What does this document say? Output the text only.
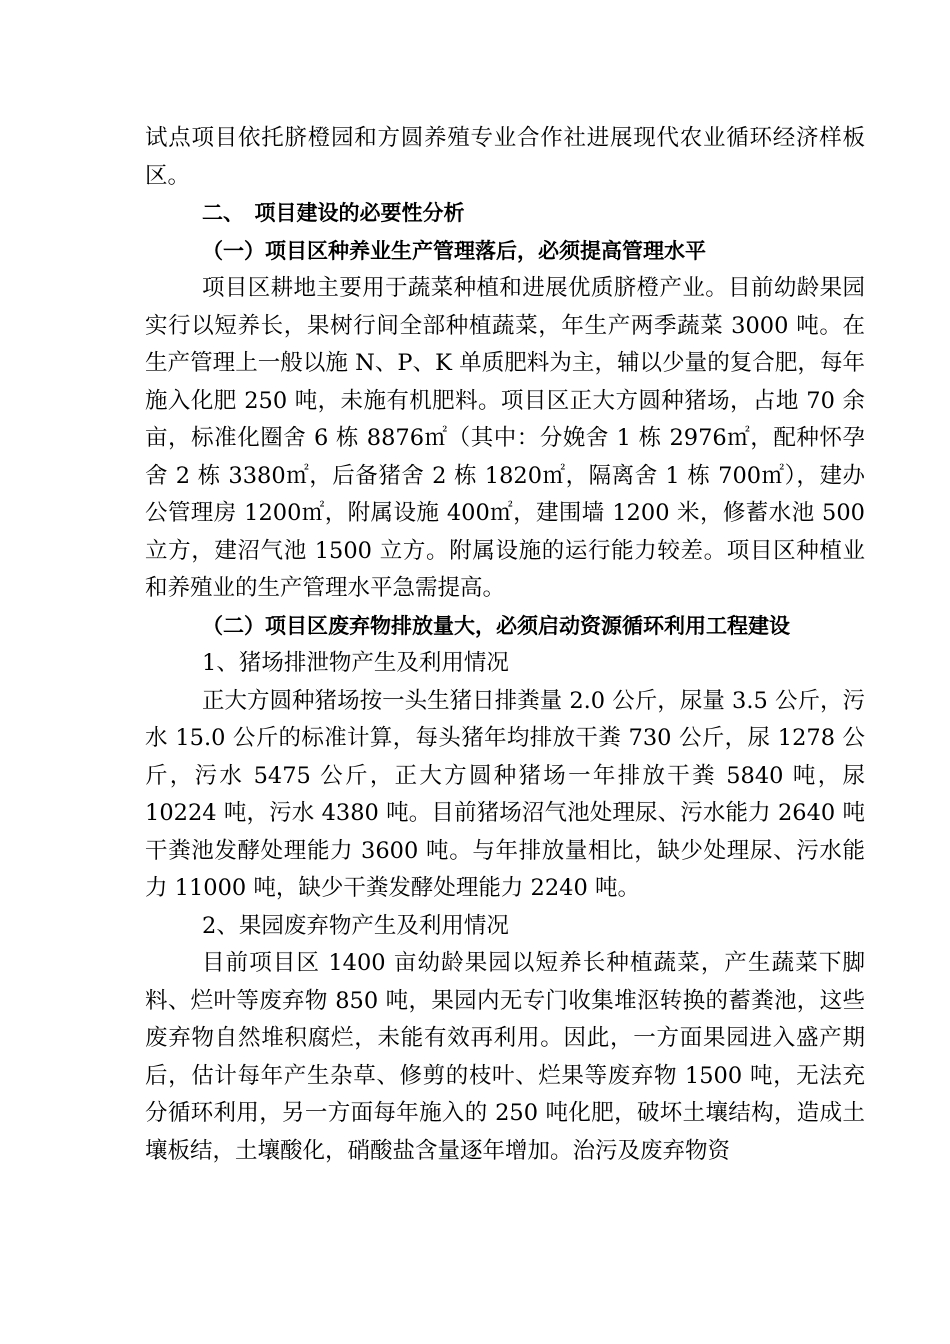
试点项目依托脐橙园和方圆养殖专业合作社进展现代农业循环经济样板区。

二、　项目建设的必要性分析

（一）项目区种养业生产管理落后，必须提高管理水平

项目区耕地主要用于蔬菜种植和进展优质脐橙产业。目前幼龄果园实行以短养长，果树行间全部种植蔬菜，年生产两季蔬菜 3000 吨。在生产管理上一般以施 N、P、K 单质肥料为主，辅以少量的复合肥，每年施入化肥 250 吨，未施有机肥料。项目区正大方圆种猪场，占地 70 余亩，标准化圈舍 6 栋 8876㎡（其中：分娩舍 1 栋 2976㎡，配种怀孕舍 2 栋 3380㎡，后备猪舍 2 栋 1820㎡，隔离舍 1 栋 700㎡），建办公管理房 1200㎡，附属设施 400㎡，建围墙 1200 米，修蓄水池 500 立方，建沼气池 1500 立方。附属设施的运行能力较差。项目区种植业和养殖业的生产管理水平急需提高。

（二）项目区废弃物排放量大，必须启动资源循环利用工程建设

1、猪场排泄物产生及利用情况

正大方圆种猪场按一头生猪日排粪量 2.0 公斤，尿量 3.5 公斤，污水 15.0 公斤的标准计算，每头猪年均排放干粪 730 公斤，尿 1278 公斤，污水 5475 公斤，正大方圆种猪场一年排放干粪 5840 吨，尿 10224 吨，污水 4380 吨。目前猪场沼气池处理尿、污水能力 2640 吨干粪池发酵处理能力 3600 吨。与年排放量相比，缺少处理尿、污水能力 11000 吨，缺少干粪发酵处理能力 2240 吨。

2、果园废弃物产生及利用情况

目前项目区 1400 亩幼龄果园以短养长种植蔬菜，产生蔬菜下脚料、烂叶等废弃物 850 吨，果园内无专门收集堆沤转换的蓄粪池，这些废弃物自然堆积腐烂，未能有效再利用。因此，一方面果园进入盛产期后，估计每年产生杂草、修剪的枝叶、烂果等废弃物 1500 吨，无法充分循环利用，另一方面每年施入的 250 吨化肥，破坏土壤结构，造成土壤板结，土壤酸化，硝酸盐含量逐年增加。治污及废弃物资
